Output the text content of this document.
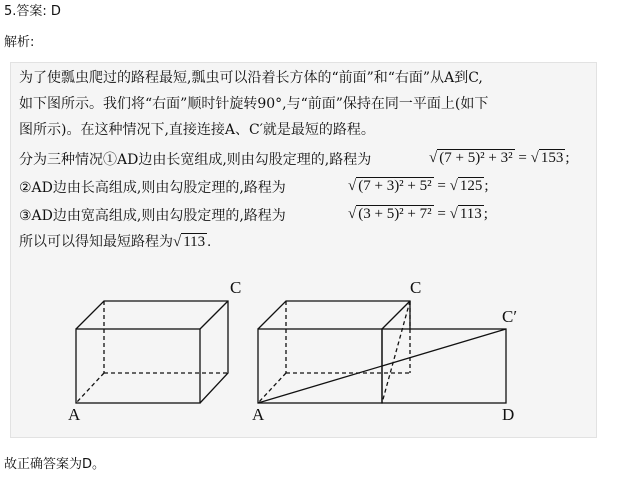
5.答案: D
解析:
为了使瓢虫爬过的路程最短,瓢虫可以沿着长方体的“前面”和“右面”从A到C,
如下图所示。我们将“右面”顺时针旋转90°,与“前面”保持在同一平面上(如下
图所示)。在这种情况下,直接连接A、C′就是最短的路程。
分为三种情况①AD边由长宽组成,则由勾股定理的,路程为	√ (7 + 5)² + 3² = √ 153 ;
②AD边由长高组成,则由勾股定理的,路程为	√ (7 + 3)² + 5² = √ 125 ;
③AD边由宽高组成,则由勾股定理的,路程为	√ (3 + 5)² + 7² = √ 113 ;
所以可以得知最短路程为√ 113 .
C
A
C
C′
A	D
故正确答案为D。
